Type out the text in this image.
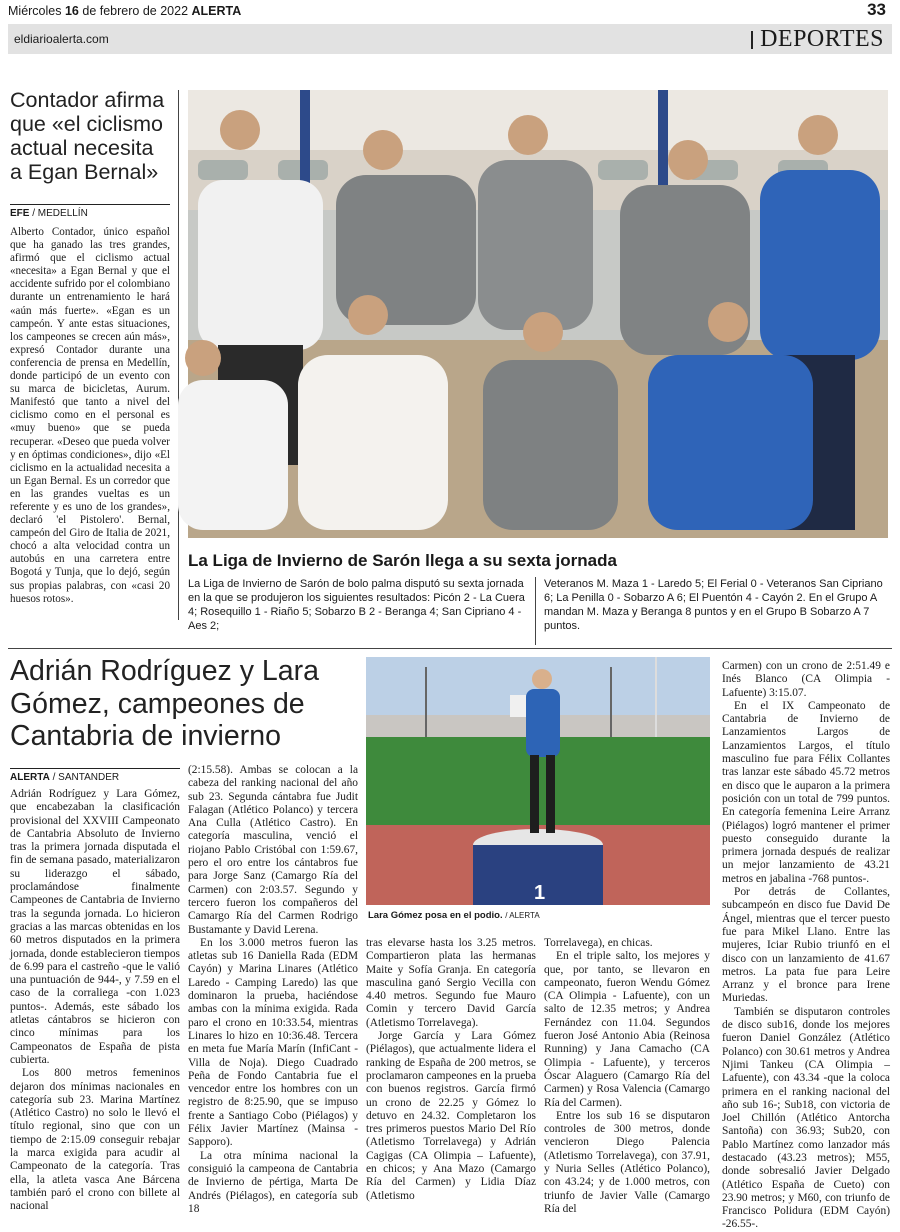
Miércoles 16 de febrero de 2022 ALERTA	33
eldiarioalerta.com	DEPORTES
Contador afirma que «el ciclismo actual necesita a Egan Bernal»
EFE / MEDELLÍN

Alberto Contador, único español que ha ganado las tres grandes, afirmó que el ciclismo actual «necesita» a Egan Bernal y que el accidente sufrido por el colombiano durante un entrenamiento le hará «aún más fuerte». «Egan es un campeón. Y ante estas situaciones, los campeones se crecen aún más», expresó Contador durante una conferencia de prensa en Medellín, donde participó de un evento con su marca de bicicletas, Aurum. Manifestó que tanto a nivel del ciclismo como en el personal es «muy bueno» que se pueda recuperar. «Deseo que pueda volver y en óptimas condiciones», dijo «El ciclismo en la actualidad necesita a un Egan Bernal. Es un corredor que en las grandes vueltas es un referente y es uno de los grandes», declaró 'el Pistolero'. Bernal, campeón del Giro de Italia de 2021, chocó a alta velocidad contra un autobús en una carretera entre Bogotá y Tunja, que lo dejó, según sus propias palabras, con «casi 20 huesos rotos».

La Liga de Invierno de Sarón llega a su sexta jornada
La Liga de Invierno de Sarón de bolo palma disputó su sexta jornada en la que se produjeron los siguientes resultados: Picón 2 - La Cuera 4; Rosequillo 1 - Riaño 5; Sobarzo B 2 - Beranga 4; San Cipriano 4 - Aes 2;
Veteranos M. Maza 1 - Laredo 5; El Ferial 0 - Veteranos San Cipriano 6; La Penilla 0 - Sobarzo A 6; El Puentón 4 - Cayón 2. En el Grupo A mandan M. Maza y Beranga 8 puntos y en el Grupo B Sobarzo A 7 puntos.
Adrián Rodríguez y Lara Gómez, campeones de Cantabria de invierno
ALERTA / SANTANDER

Adrián Rodríguez y Lara Gómez, que encabezaban la clasificación provisional del XXVIII Campeonato de Cantabria Absoluto de Invierno tras la primera jornada disputada el fin de semana pasado, materializaron su liderazgo el sábado, proclamándose finalmente Campeones de Cantabria de Invierno tras la segunda jornada. Lo hicieron gracias a las marcas obtenidas en los 60 metros disputados en la primera jornada, donde establecieron tiempos de 6.99 para el castreño -que le valió una puntuación de 944-, y 7.59 en el caso de la corraliega -con 1.023 puntos-. Además, este sábado los atletas cántabros se hicieron con cinco mínimas para los Campeonatos de España de pista cubierta.

Los 800 metros femeninos dejaron dos mínimas nacionales en categoría sub 23. Marina Martínez (Atlético Castro) no solo le llevó el título regional, sino que con un tiempo de 2:15.09 conseguir rebajar la marca exigida para acudir al Campeonato de la categoría. Tras ella, la atleta vasca Ane Bárcena también paró el crono con billete al nacional

(2:15.58). Ambas se colocan a la cabeza del ranking nacional del año sub 23. Segunda cántabra fue Judit Falagan (Atlético Polanco) y tercera Ana Culla (Atlético Castro). En categoría masculina, venció el riojano Pablo Cristóbal con 1:59.67, pero el oro entre los cántabros fue para Jorge Sanz (Camargo Ría del Carmen) con 2:03.57. Segundo y tercero fueron los compañeros del Camargo Ría del Carmen Rodrigo Bustamante y David Lerena.

En los 3.000 metros fueron las atletas sub 16 Daniella Rada (EDM Cayón) y Marina Linares (Atlético Laredo - Camping Laredo) las que dominaron la prueba, haciéndose ambas con la mínima exigida. Rada paro el crono en 10:33.54, mientras Linares lo hizo en 10:36.48. Tercera en meta fue María Marín (InfiCant - Villa de Noja). Diego Cuadrado Peña de Fondo Cantabria fue el vencedor entre los hombres con un registro de 8:25.90, que se impuso frente a Santiago Cobo (Piélagos) y Félix Javier Martínez (Mainsa - Sapporo).

La otra mínima nacional la consiguió la campeona de Cantabria de Invierno de pértiga, Marta De Andrés (Piélagos), en categoría sub 18

1
Lara Gómez posa en el podio. / ALERTA

tras elevarse hasta los 3.25 metros. Compartieron plata las hermanas Maite y Sofía Granja. En categoría masculina ganó Sergio Vecilla con 4.40 metros. Segundo fue Mauro Comin y tercero David García (Atletismo Torrelavega).

Jorge García y Lara Gómez (Piélagos), que actualmente lidera el ranking de España de 200 metros, se proclamaron campeones en la prueba con buenos registros. García firmó un crono de 22.25 y Gómez lo detuvo en 24.32. Completaron los tres primeros puestos Mario Del Río (Atletismo Torrelavega) y Adrián Cagigas (CA Olimpia – Lafuente), en chicos; y Ana Mazo (Camargo Ría del Carmen) y Lidia Díaz (Atletismo

Torrelavega), en chicas.

En el triple salto, los mejores y que, por tanto, se llevaron en campeonato, fueron Wendu Gómez (CA Olimpia - Lafuente), con un salto de 12.35 metros; y Andrea Fernández con 11.04. Segundos fueron José Antonio Abia (Reinosa Running) y Jana Camacho (CA Olimpia - Lafuente), y terceros Óscar Alaguero (Camargo Ría del Carmen) y Rosa Valencia (Camargo Ría del Carmen).

Entre los sub 16 se disputaron controles de 300 metros, donde vencieron Diego Palencia (Atletismo Torrelavega), con 37.91, y Nuria Selles (Atlético Polanco), con 43.24; y de 1.000 metros, con triunfo de Javier Valle (Camargo Ría del

Carmen) con un crono de 2:51.49 e Inés Blanco (CA Olimpia - Lafuente) 3:15.07.

En el IX Campeonato de Cantabria de Invierno de Lanzamientos Largos de Lanzamientos Largos, el título masculino fue para Félix Collantes tras lanzar este sábado 45.72 metros en disco que le auparon a la primera posición con un total de 799 puntos. En categoría femenina Leire Arranz (Piélagos) logró mantener el primer puesto conseguido durante la primera jornada después de realizar un mejor lanzamiento de 43.21 metros en jabalina -768 puntos-.

Por detrás de Collantes, subcampeón en disco fue David De Ángel, mientras que el tercer puesto fue para Mikel Llano. Entre las mujeres, Iciar Rubio triunfó en el disco con un lanzamiento de 41.67 metros. La pata fue para Leire Arranz y el bronce para Irene Muriedas.

También se disputaron controles de disco sub16, donde los mejores fueron Daniel González (Atlético Polanco) con 30.61 metros y Andrea Njimi Tankeu (CA Olimpia – Lafuente), con 43.34 -que la coloca primera en el ranking nacional del año sub 16-; Sub18, con victoria de Joel Chillón (Atlético Antorcha Santoña) con 36.93; Sub20, con Pablo Martínez como lanzador más destacado (43.23 metros); M55, donde sobresalió Javier Delgado (Atlético España de Cueto) con 23.90 metros; y M60, con triunfo de Francisco Polidura (EDM Cayón) -26.55-.
